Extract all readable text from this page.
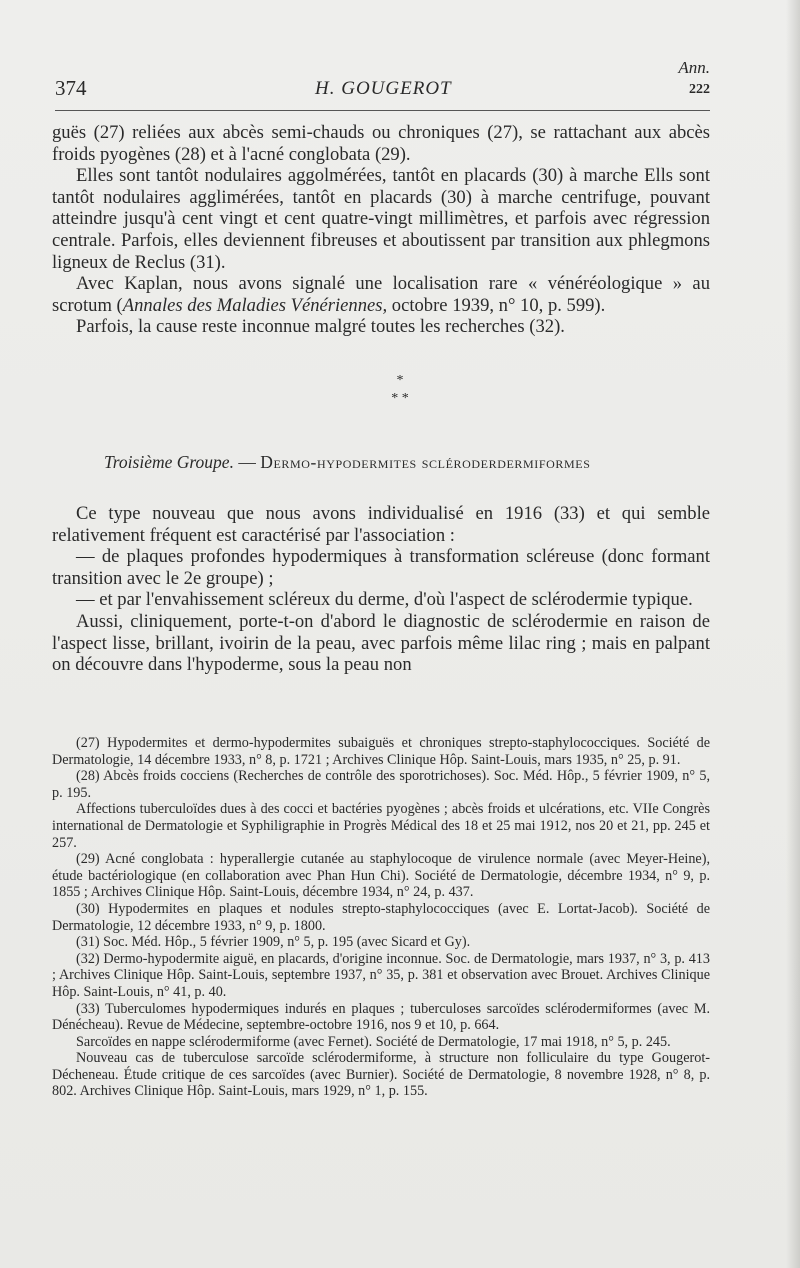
374	H. GOUGEROT
Ann.
222

guës (27) reliées aux abcès semi-chauds ou chroniques (27), se rattachant aux abcès froids pyogènes (28) et à l'acné conglobata (29).

Elles sont tantôt nodulaires aggolmérées, tantôt en placards (30) à marche Ells sont tantôt nodulaires agglimérées, tantôt en placards (30) à marche centrifuge, pouvant atteindre jusqu'à cent vingt et cent quatre-vingt millimètres, et parfois avec régression centrale. Parfois, elles deviennent fibreuses et aboutissent par transition aux phlegmons ligneux de Reclus (31).

Avec Kaplan, nous avons signalé une localisation rare « vénéréologique » au scrotum (Annales des Maladies Vénériennes, octobre 1939, n° 10, p. 599).

Parfois, la cause reste inconnue malgré toutes les recherches (32).

*
* *
Troisième Groupe. — Dermo-hypodermites scléroderdermiformes

Ce type nouveau que nous avons individualisé en 1916 (33) et qui semble relativement fréquent est caractérisé par l'association :

— de plaques profondes hypodermiques à transformation scléreuse (donc formant transition avec le 2e groupe) ;

— et par l'envahissement scléreux du derme, d'où l'aspect de sclérodermie typique.

Aussi, cliniquement, porte-t-on d'abord le diagnostic de sclérodermie en raison de l'aspect lisse, brillant, ivoirin de la peau, avec parfois même lilac ring ; mais en palpant on découvre dans l'hypoderme, sous la peau non

(27) Hypodermites et dermo-hypodermites subaiguës et chroniques strepto-staphylococciques. Société de Dermatologie, 14 décembre 1933, n° 8, p. 1721 ; Archives Clinique Hôp. Saint-Louis, mars 1935, n° 25, p. 91.

(28) Abcès froids cocciens (Recherches de contrôle des sporotrichoses). Soc. Méd. Hôp., 5 février 1909, n° 5, p. 195.

Affections tuberculoïdes dues à des cocci et bactéries pyogènes ; abcès froids et ulcérations, etc. VIIe Congrès international de Dermatologie et Syphiligraphie in Progrès Médical des 18 et 25 mai 1912, nos 20 et 21, pp. 245 et 257.

(29) Acné conglobata : hyperallergie cutanée au staphylocoque de virulence normale (avec Meyer-Heine), étude bactériologique (en collaboration avec Phan Hun Chi). Société de Dermatologie, décembre 1934, n° 9, p. 1855 ; Archives Clinique Hôp. Saint-Louis, décembre 1934, n° 24, p. 437.

(30) Hypodermites en plaques et nodules strepto-staphylococciques (avec E. Lortat-Jacob). Société de Dermatologie, 12 décembre 1933, n° 9, p. 1800.

(31) Soc. Méd. Hôp., 5 février 1909, n° 5, p. 195 (avec Sicard et Gy).

(32) Dermo-hypodermite aiguë, en placards, d'origine inconnue. Soc. de Dermatologie, mars 1937, n° 3, p. 413 ; Archives Clinique Hôp. Saint-Louis, septembre 1937, n° 35, p. 381 et observation avec Brouet. Archives Clinique Hôp. Saint-Louis, n° 41, p. 40.

(33) Tuberculomes hypodermiques indurés en plaques ; tuberculoses sarcoïdes sclérodermiformes (avec M. Dénécheau). Revue de Médecine, septembre-octobre 1916, nos 9 et 10, p. 664.

Sarcoïdes en nappe sclérodermiforme (avec Fernet). Société de Dermatologie, 17 mai 1918, n° 5, p. 245.

Nouveau cas de tuberculose sarcoïde sclérodermiforme, à structure non folliculaire du type Gougerot-Décheneau. Étude critique de ces sarcoïdes (avec Burnier). Société de Dermatologie, 8 novembre 1928, n° 8, p. 802. Archives Clinique Hôp. Saint-Louis, mars 1929, n° 1, p. 155.
